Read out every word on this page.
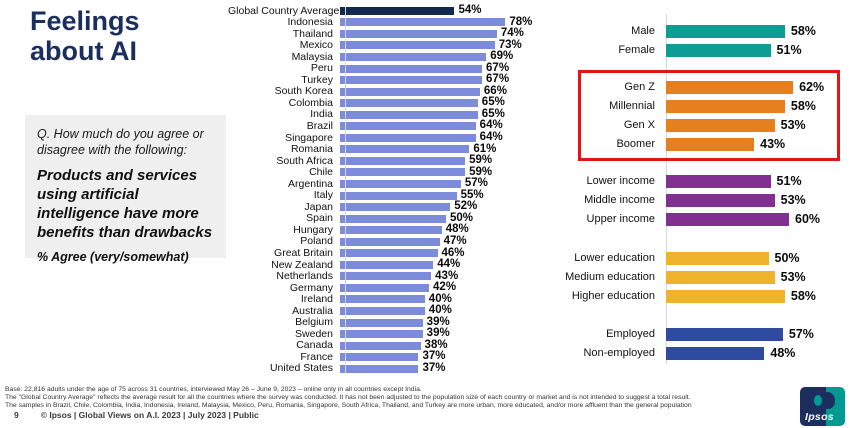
Feelings
about AI

Q. How much do you agree or disagree with the following:

Products and services using artificial intelligence have more benefits than drawbacks

% Agree (very/somewhat)

Global Country Average	54%
Indonesia	78%
Thailand	74%
Mexico	73%
Malaysia	69%
Peru	67%
Turkey	67%
South Korea	66%
Colombia	65%
India	65%
Brazil	64%
Singapore	64%
Romania	61%
South Africa	59%
Chile	59%
Argentina	57%
Italy	55%
Japan	52%
Spain	50%
Hungary	48%
Poland	47%
Great Britain	46%
New Zealand	44%
Netherlands	43%
Germany	42%
Ireland	40%
Australia	40%
Belgium	39%
Sweden	39%
Canada	38%
France	37%
United States	37%
Male	58%
Female	51%
Gen Z	62%
Millennial	58%
Gen X	53%
Boomer	43%
Lower income	51%
Middle income	53%
Upper income	60%
Lower education	50%
Medium education	53%
Higher education	58%
Employed	57%
Non-employed	48%

Base: 22,816 adults under the age of 75 across 31 countries, interviewed May 26 – June 9, 2023 – online only in all countries except India.

The "Global Country Average" reflects the average result for all the countries where the survey was conducted. It has not been adjusted to the population size of each country or market and is not intended to suggest a total result.

The samples in Brazil, Chile, Colombia, India, Indonesia, Ireland, Malaysia, Mexico, Peru, Romania, Singapore, South Africa, Thailand, and Turkey are more urban, more educated, and/or more affluent than the general population

9	© Ipsos | Global Views on A.I. 2023 | July 2023 | Public	Ipsos
